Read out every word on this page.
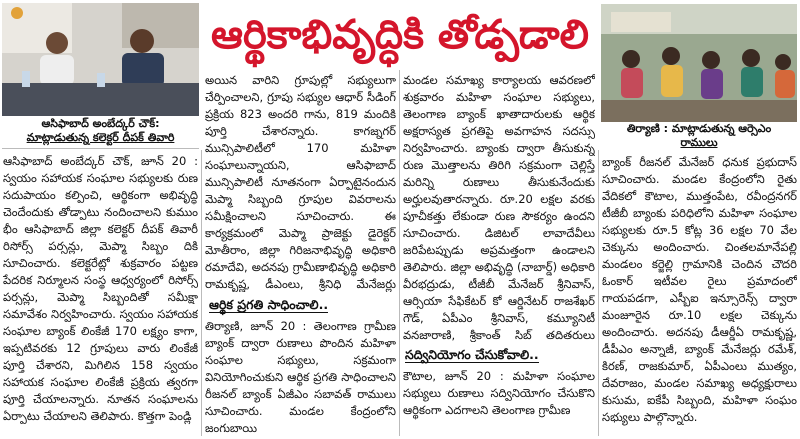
ఆసిఫాబాద్ అంబేద్కర్ చౌక్:
మాట్లాడుతున్న కలెక్టర్ దీపక్ తివారి
ఆర్థికాభివృద్ధికి తోడ్పడాలి
తిర్యాణి : మాట్లాడుతున్న ఆర్సెఎం
రాములు

ఆసిఫాబాద్ అంబేద్కర్ చౌక్, జూన్ 20 : స్వయం సహాయక సంఘాల సభ్యులకు రుణ సదుపాయం కల్పించి, ఆర్థికంగా అభివృద్ధి చెందేందుకు తోడ్పాటు నందించాలని కుముం భీం ఆసిఫాబాద్ జిల్లా కలెక్టర్ దీపక్ తివారీ రిసోర్స్ పర్సన్లు, మెప్మా సిబ్బం దికి సూచించారు. కలెక్టరేట్లో శుక్రవారం పట్టణ పేదరిక నిర్మూలన సంస్థ ఆధ్వర్యంలో రిసోర్స్ పర్సన్లు, మెప్మా సిబ్బందితో సమీక్షా సమావేశం నిర్వహించారు. స్వయం సహాయక సంఘాల బ్యాంక్ లింకేజీ 170 లక్ష్యం కాగా, ఇప్పటివరకు 12 గ్రూపులు వారు లింకేజీ పూర్తి చేశారని, మిగిలిన 158 స్వయం సహాయక సంఘాల లింకేజీ ప్రక్రియ త్వరగా పూర్తి చేయాలన్నారు. నూతన సంఘాలను ఏర్పాటు చేయాలని తెలిపారు. కొత్తగా పెండ్లి

అయిన వారిని గ్రూపుల్లో సభ్యులుగా చేర్పించాలని, గ్రూపు సభ్యుల ఆధార్ సీడింగ్ ప్రక్రియ 823 అందరి గాను, 819 మందికి పూర్తి చేశారన్నారు. కాగజ్నగర్ మున్సిపాలిటీలో 170 మహిళా సంఘాలున్నాయని, ఆసిఫాబాద్ మున్సిపాలిటీ నూతనంగా ఏర్పాటైనందున మెప్మా సిబ్బంది గ్రూపుల వివరాలను సమీక్షించాలని సూచించారు. ఈ కార్యక్రమంలో మెప్మా ప్రాజెక్టు డైరెక్టర్ మోతీరాం, జిల్లా గిరిజనాభివృద్ధి అధికారి రమాదేవి, అదనపు గ్రామీణాభివృద్ధి అధికారి రామకృష్ణ, డీఎంలు, శ్రీనిధి మేనేజర్లు

ఆర్థిక ప్రగతి సాధించాలి..

తిర్యాణి, జూన్ 20 : తెలంగాణ గ్రామీణ బ్యాంక్ ద్వారా రుణాలు పొందిన మహిళా సంఘాల సభ్యులు, సక్రమంగా వినియోగించుకుని ఆర్థిక ప్రగతి సాధించాలని రీజనల్ బ్యాంక్ ఏజీఎం సబావత్ రాములు సూచించారు. మండల కేంద్రంలోని జంగుబాయి

మండల సమాఖ్య కార్యాలయ ఆవరణలో శుక్రవారం మహిళా సంఘాల సభ్యులు, తెలంగాణ బ్యాంక్ ఖాతాదారులకు ఆర్థిక అక్షరాస్యత ప్రగతిపై అవగాహన సదస్సు నిర్వహించారు. బ్యాంకు ద్వారా తీసుకున్న రుణ మొత్తాలను తిరిగి సక్రమంగా చెల్లిస్తే మరిన్ని రుణాలు తీసుకునేందుకు అర్హులవుతారన్నారు. రూ.20 లక్షల వరకు పూచీకత్తు లేకుండా రుణ సౌకర్యం ఉందని సూచించారు. డిజిటల్ లావాదేవీలు జరిపేటప్పుడు అప్రమత్తంగా ఉండాలని తెలిపారు. జిల్లా అభివృద్ధి (నాబార్డ్) అధికారి వీరభద్రుడు, టీజీబీ మేనేజర్ శ్రీనివాస్, ఆర్సియా సేఫికేటర్ కో ఆర్డినేటర్ రాజశేఖర్ గౌడ్, ఏపీఎం శ్రీనివాస్, కమ్యూనిటీ వనజారాణి, శ్రీకాంత్ సిబ్ తదితరులు

సద్వినియోగం చేసుకోవాలి..

కౌటాల, జూన్ 20 : మహిళా సంఘాల సభ్యులు రుణాలు సద్వినియోగం చేసుకొని ఆర్థికంగా ఎదగాలని తెలంగాణ గ్రామీణ

బ్యాంక్ రీజనల్ మేనేజర్ ధనుక ప్రభుదాస్ సూచించారు. మండల కేంద్రంలోని రైతు వేదికలో కౌటాల, ముత్తంపేట, రవీంద్రనగర్ టీజీబీ బ్యాంకు పరిధిలోని మహిళా సంఘాల సభ్యులకు రూ.5 కోట్ల 36 లక్షల 70 వేల చెక్కును అందించారు. చింతలమానేపల్లి మండలం కర్జెల్లి గ్రామానికి చెందిన చౌదరి ఓంకార్ ఇటీవల రైలు ప్రమాదంలో గాయపడగా, ఎస్బీఐ ఇన్సూరెన్స్ ద్వారా మంజూరైన రూ.10 లక్షల చెక్కును అందించారు. అదనపు డీఆర్డీఏ రామకృష్ణ, డీపీఎం అన్నాజీ, బ్యాంక్ మేనేజర్లు రమేశ్, కిరణ్, రాజకుమార్, ఏపీఎంలు ముత్యం, దేవరాజం, మండల సమాఖ్య అధ్యక్షురాలు కుసుమ, ఐకేపీ సిబ్బంది, మహిళా సంఘం సభ్యులు పాల్గొన్నారు.
